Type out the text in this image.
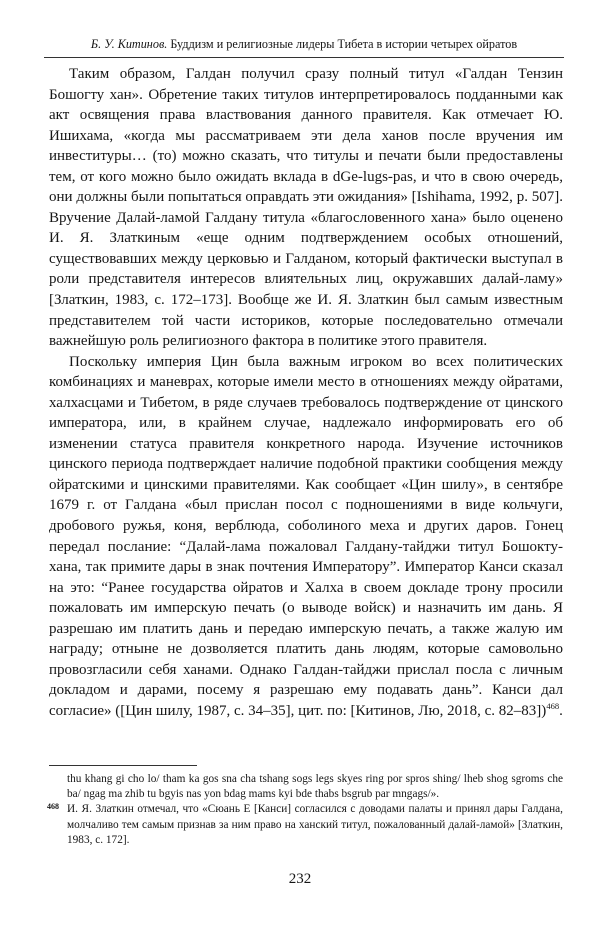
Б. У. Китинов. Буддизм и религиозные лидеры Тибета в истории четырех ойратов

Таким образом, Галдан получил сразу полный титул «Галдан Тензин Бошогту хан». Обретение таких титулов интерпретировалось подданными как акт освящения права властвования данного правителя. Как отмечает Ю. Ишихама, «когда мы рассматриваем эти дела ханов после вручения им инвеституры… (то) можно сказать, что титулы и печати были предоставлены тем, от кого можно было ожидать вклада в dGe-lugs-pas, и что в свою очередь, они должны были попытаться оправдать эти ожидания» [Ishihama, 1992, p. 507]. Вручение Далай-ламой Галдану титула «благословенного хана» было оценено И. Я. Златкиным «еще одним подтверждением особых отношений, существовавших между церковью и Галданом, который фактически выступал в роли представителя интересов влиятельных лиц, окружавших далай-ламу» [Златкин, 1983, с. 172–173]. Вообще же И. Я. Златкин был самым известным представителем той части историков, которые последовательно отмечали важнейшую роль религиозного фактора в политике этого правителя.

Поскольку империя Цин была важным игроком во всех политических комбинациях и маневрах, которые имели место в отношениях между ойратами, халхасцами и Тибетом, в ряде случаев требовалось подтверждение от цинского императора, или, в крайнем случае, надлежало информировать его об изменении статуса правителя конкретного народа. Изучение источников цинского периода подтверждает наличие подобной практики сообщения между ойратскими и цинскими правителями. Как сообщает «Цин шилу», в сентябре 1679 г. от Галдана «был прислан посол с подношениями в виде кольчуги, дробового ружья, коня, верблюда, соболиного меха и других даров. Гонец передал послание: “Далай-лама пожаловал Галдану-тайджи титул Бошокту-хана, так примите дары в знак почтения Императору”. Император Канси сказал на это: “Ранее государства ойратов и Халха в своем докладе трону просили пожаловать им имперскую печать (о выводе войск) и назначить им дань. Я разрешаю им платить дань и передаю имперскую печать, а также жалую им награду; отныне не дозволяется платить дань людям, которые самовольно провозгласили себя ханами. Однако Галдан-тайджи прислал посла с личным докладом и дарами, посему я разрешаю ему подавать дань”. Канси дал согласие» ([Цин шилу, 1987, с. 34–35], цит. по: [Китинов, Лю, 2018, с. 82–83])$^{468}$.

thu khang gi cho lo/ tham ka gos sna cha tshang sogs legs skyes ring por spros shing/ lheb shog sgroms che ba/ ngag ma zhib tu bgyis nas yon bdag mams kyi bde thabs bsgrub par mngags/».

468 И. Я. Златкин отмечал, что «Сюань Е [Канси] согласился с доводами палаты и принял дары Галдана, молчаливо тем самым признав за ним право на ханский титул, пожалованный далай-ламой» [Златкин, 1983, с. 172].

232
